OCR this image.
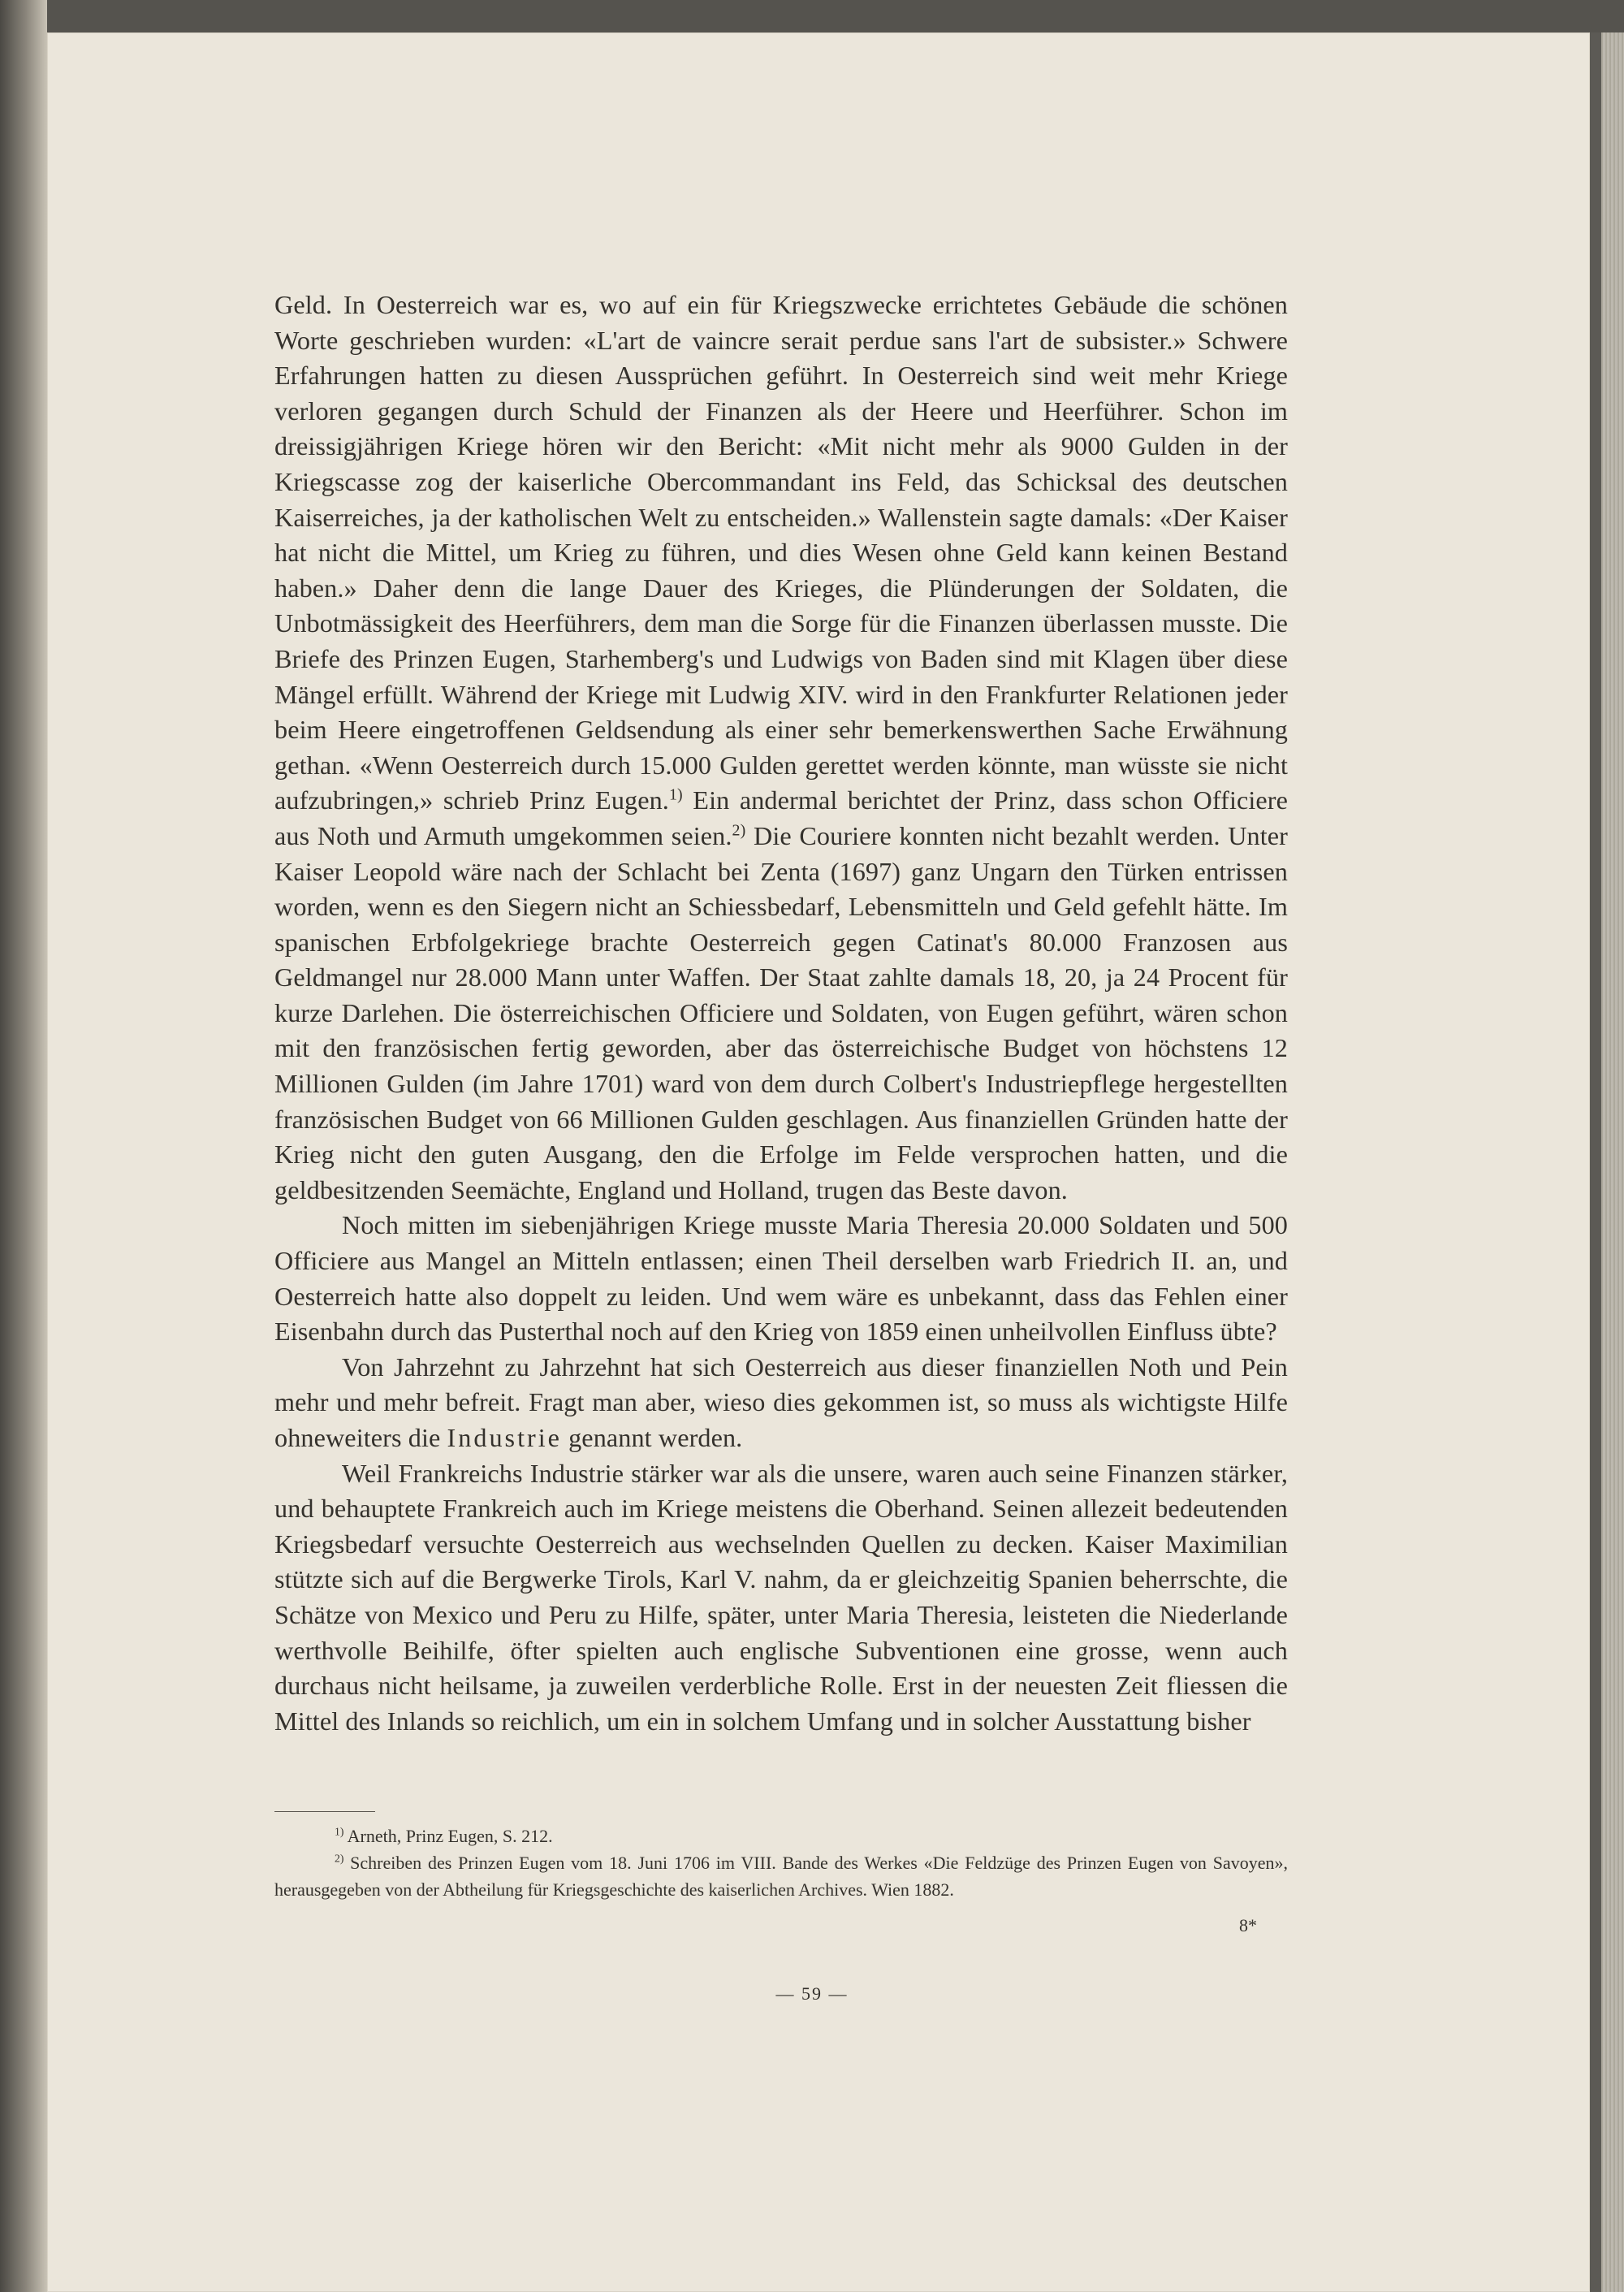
Geld. In Oesterreich war es, wo auf ein für Kriegszwecke errichtetes Gebäude die schönen Worte geschrieben wurden: «L'art de vaincre serait perdue sans l'art de subsister.» Schwere Erfahrungen hatten zu diesen Aussprüchen geführt. In Oesterreich sind weit mehr Kriege verloren gegangen durch Schuld der Finanzen als der Heere und Heerführer. Schon im dreissigjährigen Kriege hören wir den Bericht: «Mit nicht mehr als 9000 Gulden in der Kriegscasse zog der kaiserliche Obercommandant ins Feld, das Schicksal des deutschen Kaiserreiches, ja der katholischen Welt zu entscheiden.» Wallenstein sagte damals: «Der Kaiser hat nicht die Mittel, um Krieg zu führen, und dies Wesen ohne Geld kann keinen Bestand haben.» Daher denn die lange Dauer des Krieges, die Plünderungen der Soldaten, die Unbotmässigkeit des Heerführers, dem man die Sorge für die Finanzen überlassen musste. Die Briefe des Prinzen Eugen, Starhemberg's und Ludwigs von Baden sind mit Klagen über diese Mängel erfüllt. Während der Kriege mit Ludwig XIV. wird in den Frankfurter Relationen jeder beim Heere eingetroffenen Geldsendung als einer sehr bemerkenswerthen Sache Erwähnung gethan. «Wenn Oesterreich durch 15.000 Gulden gerettet werden könnte, man wüsste sie nicht aufzubringen,» schrieb Prinz Eugen.$^{1)}$ Ein andermal berichtet der Prinz, dass schon Officiere aus Noth und Armuth umgekommen seien.$^{2)}$ Die Couriere konnten nicht bezahlt werden. Unter Kaiser Leopold wäre nach der Schlacht bei Zenta (1697) ganz Ungarn den Türken entrissen worden, wenn es den Siegern nicht an Schiessbedarf, Lebensmitteln und Geld gefehlt hätte. Im spanischen Erbfolgekriege brachte Oesterreich gegen Catinat's 80.000 Franzosen aus Geldmangel nur 28.000 Mann unter Waffen. Der Staat zahlte damals 18, 20, ja 24 Procent für kurze Darlehen. Die österreichischen Officiere und Soldaten, von Eugen geführt, wären schon mit den französischen fertig geworden, aber das österreichische Budget von höchstens 12 Millionen Gulden (im Jahre 1701) ward von dem durch Colbert's Industriepflege hergestellten französischen Budget von 66 Millionen Gulden geschlagen. Aus finanziellen Gründen hatte der Krieg nicht den guten Ausgang, den die Erfolge im Felde versprochen hatten, und die geldbesitzenden Seemächte, England und Holland, trugen das Beste davon.

Noch mitten im siebenjährigen Kriege musste Maria Theresia 20.000 Soldaten und 500 Officiere aus Mangel an Mitteln entlassen; einen Theil derselben warb Friedrich II. an, und Oesterreich hatte also doppelt zu leiden. Und wem wäre es unbekannt, dass das Fehlen einer Eisenbahn durch das Pusterthal noch auf den Krieg von 1859 einen unheilvollen Einfluss übte?

Von Jahrzehnt zu Jahrzehnt hat sich Oesterreich aus dieser finanziellen Noth und Pein mehr und mehr befreit. Fragt man aber, wieso dies gekommen ist, so muss als wichtigste Hilfe ohneweiters die Industrie genannt werden.

Weil Frankreichs Industrie stärker war als die unsere, waren auch seine Finanzen stärker, und behauptete Frankreich auch im Kriege meistens die Oberhand. Seinen allezeit bedeutenden Kriegsbedarf versuchte Oesterreich aus wechselnden Quellen zu decken. Kaiser Maximilian stützte sich auf die Bergwerke Tirols, Karl V. nahm, da er gleichzeitig Spanien beherrschte, die Schätze von Mexico und Peru zu Hilfe, später, unter Maria Theresia, leisteten die Niederlande werthvolle Beihilfe, öfter spielten auch englische Subventionen eine grosse, wenn auch durchaus nicht heilsame, ja zuweilen verderbliche Rolle. Erst in der neuesten Zeit fliessen die Mittel des Inlands so reichlich, um ein in solchem Umfang und in solcher Ausstattung bisher

$^{1)}$ Arneth, Prinz Eugen, S. 212.

$^{2)}$ Schreiben des Prinzen Eugen vom 18. Juni 1706 im VIII. Bande des Werkes «Die Feldzüge des Prinzen Eugen von Savoyen», herausgegeben von der Abtheilung für Kriegsgeschichte des kaiserlichen Archives. Wien 1882.

8*
— 59 —
